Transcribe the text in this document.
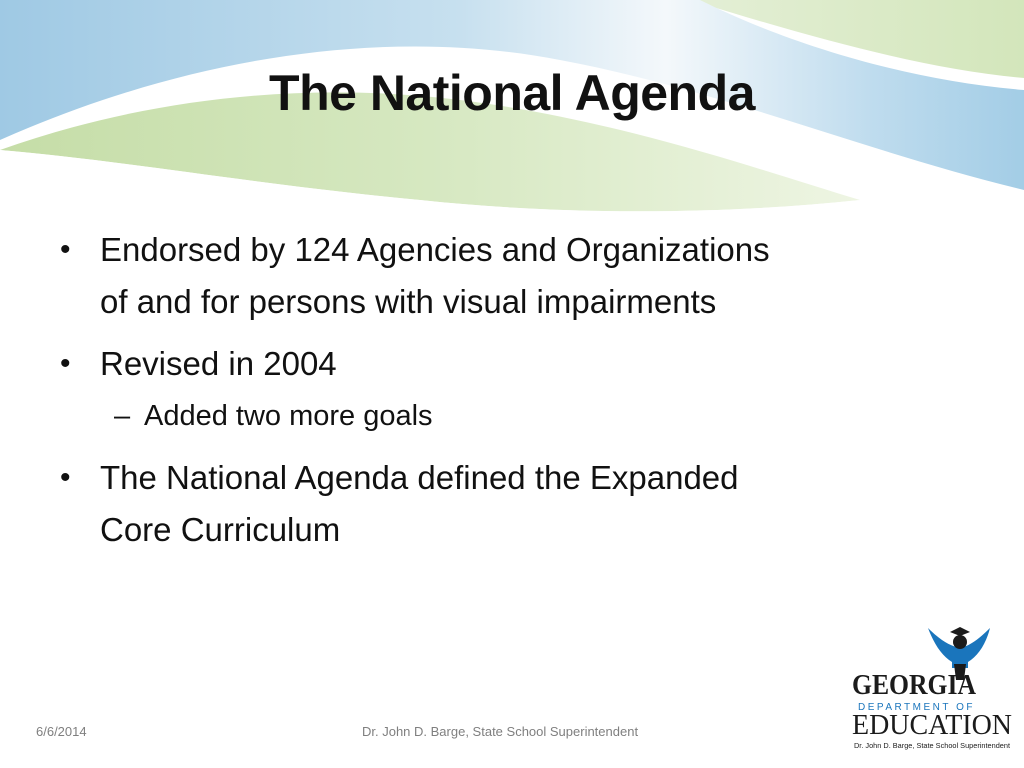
The National Agenda
• Endorsed by 124 Agencies and Organizations
of and for persons with visual impairments
• Revised in 2004
– Added two more goals
• The National Agenda defined the Expanded
Core Curriculum
6/6/2014	Dr. John D. Barge, State School Superintendent
GEORGIA
DEPARTMENT OF
EDUCATION
Dr. John D. Barge, State School Superintendent
